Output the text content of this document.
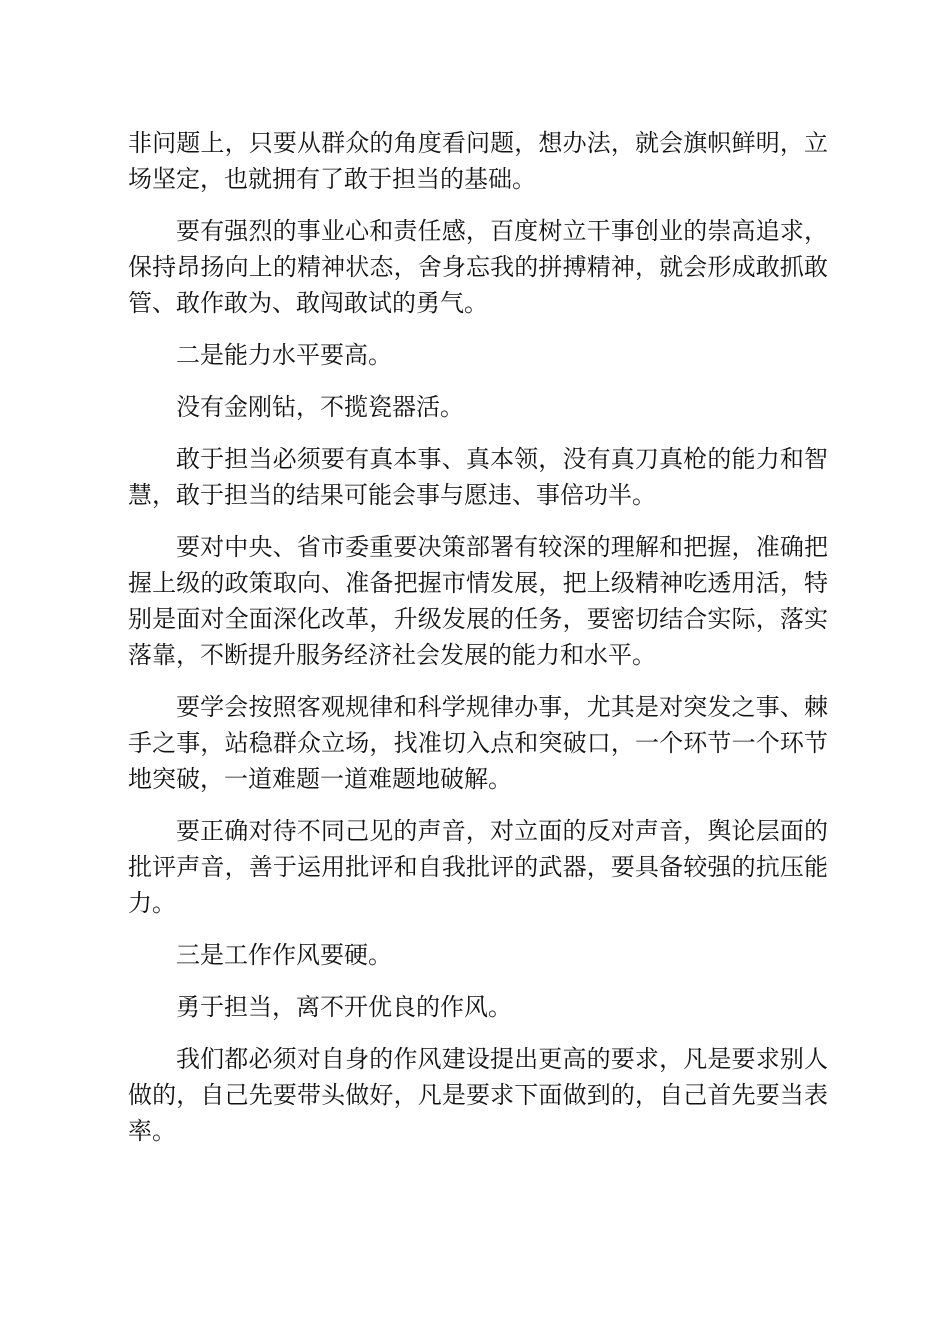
非问题上，只要从群众的角度看问题，想办法，就会旗帜鲜明，立场坚定，也就拥有了敢于担当的基础。

要有强烈的事业心和责任感，百度树立干事创业的崇高追求，保持昂扬向上的精神状态，舍身忘我的拼搏精神，就会形成敢抓敢管、敢作敢为、敢闯敢试的勇气。

二是能力水平要高。

没有金刚钻，不揽瓷器活。

敢于担当必须要有真本事、真本领，没有真刀真枪的能力和智慧，敢于担当的结果可能会事与愿违、事倍功半。

要对中央、省市委重要决策部署有较深的理解和把握，准确把握上级的政策取向、准备把握市情发展，把上级精神吃透用活，特别是面对全面深化改革，升级发展的任务，要密切结合实际，落实落靠，不断提升服务经济社会发展的能力和水平。

要学会按照客观规律和科学规律办事，尤其是对突发之事、棘手之事，站稳群众立场，找准切入点和突破口，一个环节一个环节地突破，一道难题一道难题地破解。

要正确对待不同己见的声音，对立面的反对声音，舆论层面的批评声音，善于运用批评和自我批评的武器，要具备较强的抗压能力。

三是工作作风要硬。

勇于担当，离不开优良的作风。

我们都必须对自身的作风建设提出更高的要求，凡是要求别人做的，自己先要带头做好，凡是要求下面做到的，自己首先要当表率。
